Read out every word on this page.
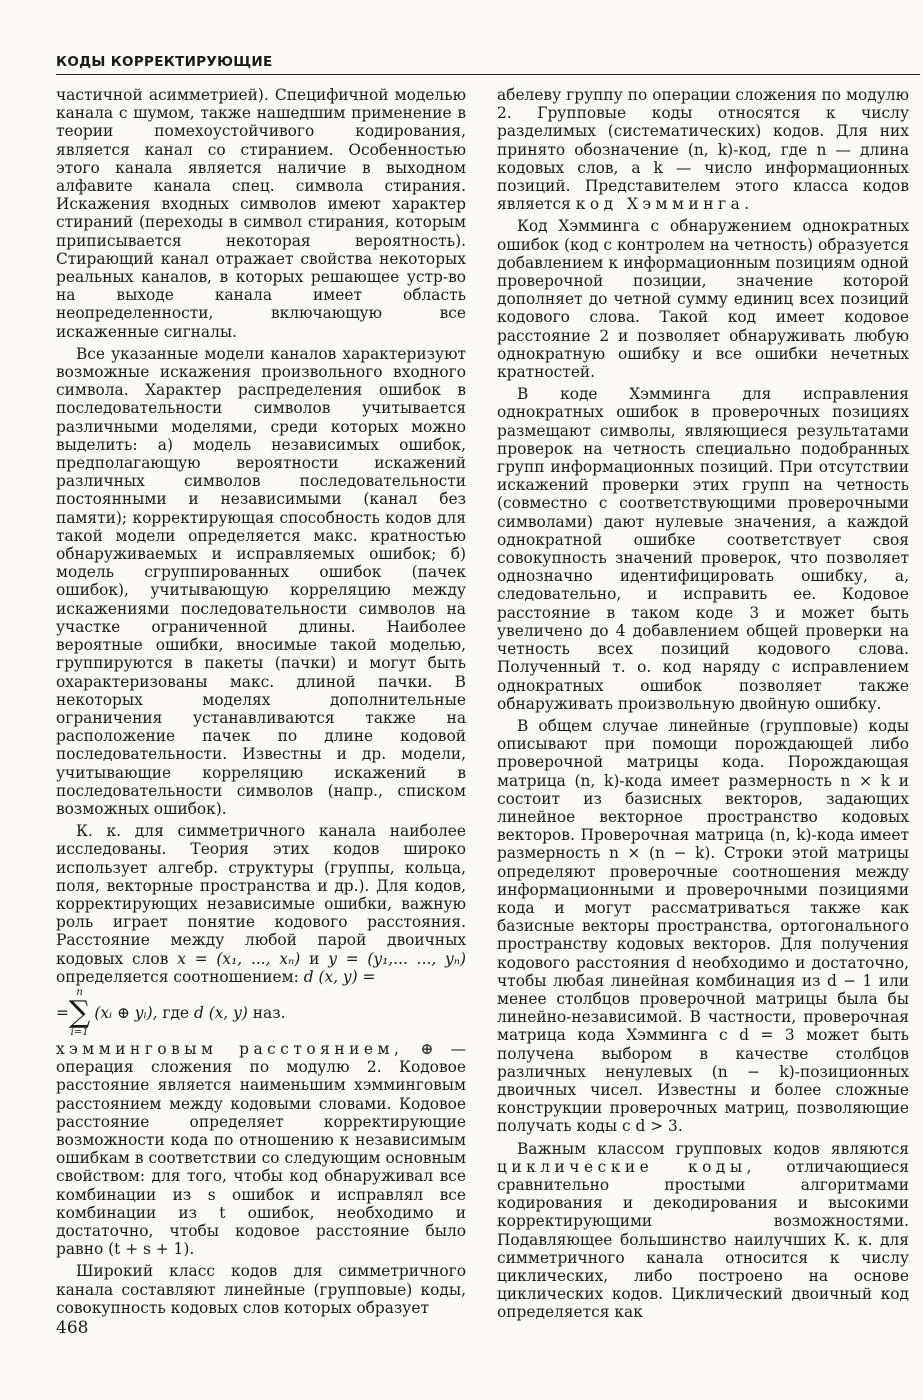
КОДЫ КОРРЕКТИРУЮЩИЕ

частичной асимметрией). Специфичной моделью канала с шумом, также нашедшим применение в теории помехоустойчивого кодирования, является канал со стиранием. Особенностью этого канала является наличие в выходном алфавите канала спец. символа стирания. Искажения входных символов имеют характер стираний (переходы в символ стирания, которым приписывается некоторая вероятность). Стирающий канал отражает свойства некоторых реальных каналов, в которых решающее устр-во на выходе канала имеет область неопределенности, включающую все искаженные сигналы.

Все указанные модели каналов характеризуют возможные искажения произвольного входного символа. Характер распределения ошибок в последовательности символов учитывается различными моделями, среди которых можно выделить: а) модель независимых ошибок, предполагающую вероятности искажений различных символов последовательности постоянными и независимыми (канал без памяти); корректирующая способность кодов для такой модели определяется макс. кратностью обнаруживаемых и исправляемых ошибок; б) модель сгруппированных ошибок (пачек ошибок), учитывающую корреляцию между искажениями последовательности символов на участке ограниченной длины. Наиболее вероятные ошибки, вносимые такой моделью, группируются в пакеты (пачки) и могут быть охарактеризованы макс. длиной пачки. В некоторых моделях дополнительные ограничения устанавливаются также на расположение пачек по длине кодовой последовательности. Известны и др. модели, учитывающие корреляцию искажений в последовательности символов (напр., списком возможных ошибок).

К. к. для симметричного канала наиболее исследованы. Теория этих кодов широко использует алгебр. структуры (группы, кольца, поля, векторные пространства и др.). Для кодов, корректирующих независимые ошибки, важную роль играет понятие кодового расстояния. Расстояние между любой парой двоичных кодовых слов x = (x₁, ..., xₙ) и y = (y₁,... ..., yₙ) определяется соотношением: d (x, y) =

=
n
∑
i=1
(xᵢ ⊕ yᵢ),
где
d (x, y)
наз.

хэмминговым расстоянием, ⊕ — операция сложения по модулю 2. Кодовое расстояние является наименьшим хэмминговым расстоянием между кодовыми словами. Кодовое расстояние определяет корректирующие возможности кода по отношению к независимым ошибкам в соответствии со следующим основным свойством: для того, чтобы код обнаруживал все комбинации из s ошибок и исправлял все комбинации из t ошибок, необходимо и достаточно, чтобы кодовое расстояние было равно (t + s + 1).

Широкий класс кодов для симметричного канала составляют линейные (групповые) коды, совокупность кодовых слов которых образует

абелеву группу по операции сложения по модулю 2. Групповые коды относятся к числу разделимых (систематических) кодов. Для них принято обозначение (n, k)-код, где n — длина кодовых слов, а k — число информационных позиций. Представителем этого класса кодов является код Хэмминга.

Код Хэмминга с обнаружением однократных ошибок (код с контролем на четность) образуется добавлением к информационным позициям одной проверочной позиции, значение которой дополняет до четной сумму единиц всех позиций кодового слова. Такой код имеет кодовое расстояние 2 и позволяет обнаруживать любую однократную ошибку и все ошибки нечетных кратностей.

В коде Хэмминга для исправления однократных ошибок в проверочных позициях размещают символы, являющиеся результатами проверок на четность специально подобранных групп информационных позиций. При отсутствии искажений проверки этих групп на четность (совместно с соответствующими проверочными символами) дают нулевые значения, а каждой однократной ошибке соответствует своя совокупность значений проверок, что позволяет однозначно идентифицировать ошибку, а, следовательно, и исправить ее. Кодовое расстояние в таком коде 3 и может быть увеличено до 4 добавлением общей проверки на четность всех позиций кодового слова. Полученный т. о. код наряду с исправлением однократных ошибок позволяет также обнаруживать произвольную двойную ошибку.

В общем случае линейные (групповые) коды описывают при помощи порождающей либо проверочной матрицы кода. Порождающая матрица (n, k)-кода имеет размерность n × k и состоит из базисных векторов, задающих линейное векторное пространство кодовых векторов. Проверочная матрица (n, k)-кода имеет размерность n × (n − k). Строки этой матрицы определяют проверочные соотношения между информационными и проверочными позициями кода и могут рассматриваться также как базисные векторы пространства, ортогонального пространству кодовых векторов. Для получения кодового расстояния d необходимо и достаточно, чтобы любая линейная комбинация из d − 1 или менее столбцов проверочной матрицы была бы линейно-независимой. В частности, проверочная матрица кода Хэмминга с d = 3 может быть получена выбором в качестве столбцов различных ненулевых (n − k)-позиционных двоичных чисел. Известны и более сложные конструкции проверочных матриц, позволяющие получать коды с d > 3.

Важным классом групповых кодов являются циклические коды, отличающиеся сравнительно простыми алгоритмами кодирования и декодирования и высокими корректирующими возможностями. Подавляющее большинство наилучших К. к. для симметричного канала относится к числу циклических, либо построено на основе циклических кодов. Циклический двоичный код определяется как

468
